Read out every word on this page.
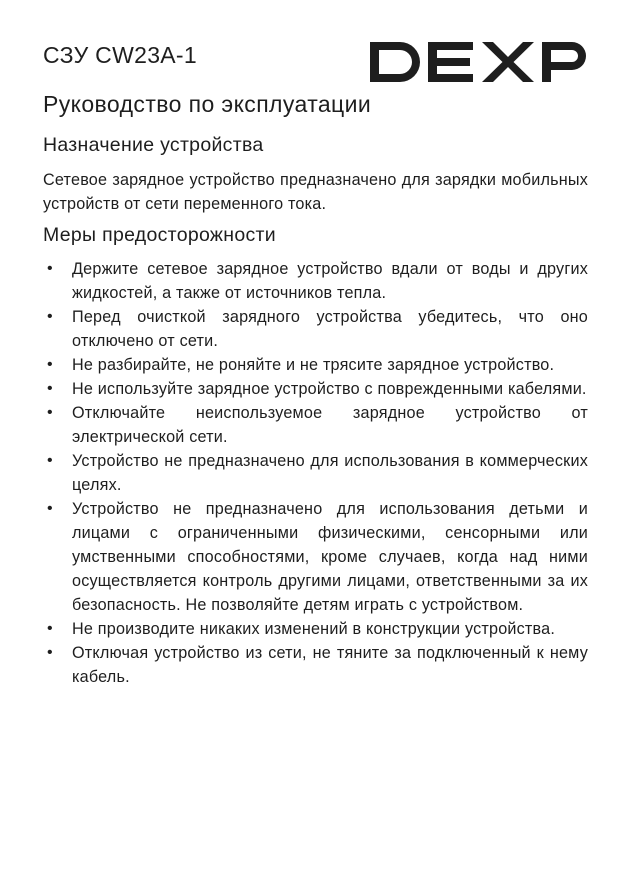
СЗУ CW23A-1
Руководство по эксплуатации
Назначение устройства

Сетевое зарядное устройство предназначено для зарядки мобильных устройств от сети переменного тока.

Меры предосторожности
• Держите сетевое зарядное устройство вдали от воды и других жидкостей, а также от источников тепла.
• Перед очисткой зарядного устройства убедитесь, что оно отключено от сети.
• Не разбирайте, не роняйте и не трясите зарядное устройство.
• Не используйте зарядное устройство с поврежденными кабелями.
• Отключайте неиспользуемое зарядное устройство от электрической сети.
• Устройство не предназначено для использования в коммерческих целях.
• Устройство не предназначено для использования детьми и лицами с ограниченными физическими, сенсорными или умственными способностями, кроме случаев, когда над ними осуществляется контроль другими лицами, ответственными за их безопасность. Не позволяйте детям играть с устройством.
• Не производите никаких изменений в конструкции устройства.
• Отключая устройство из сети, не тяните за подключенный к нему кабель.
